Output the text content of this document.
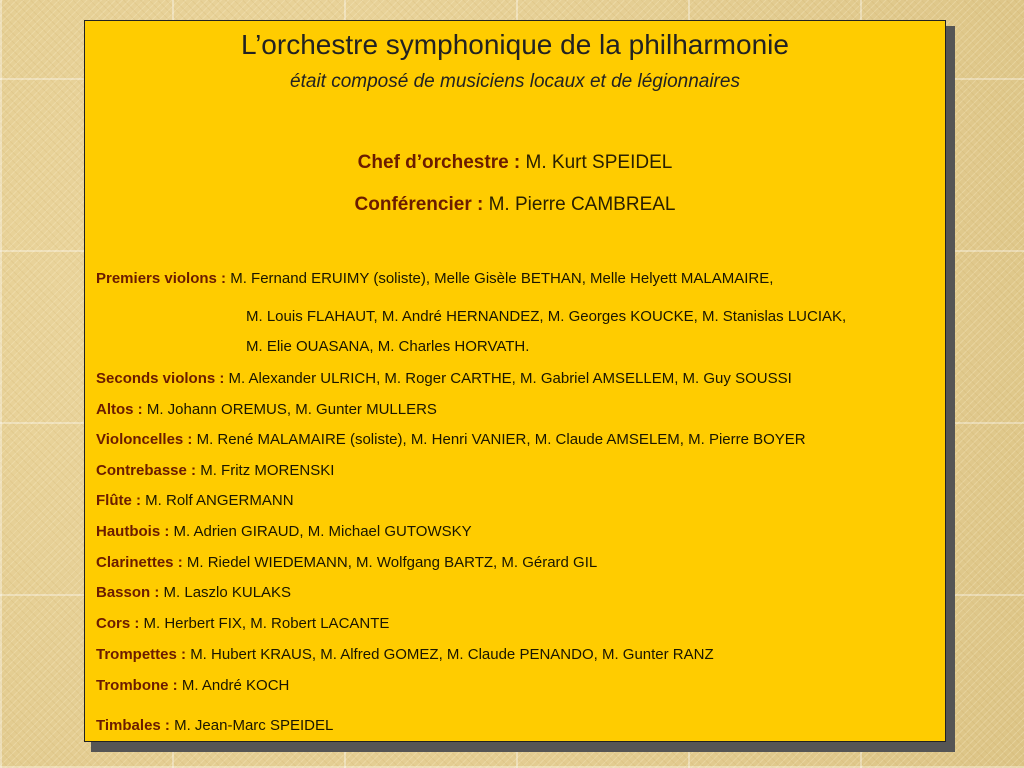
L’orchestre symphonique de la philharmonie
était composé de musiciens locaux et de légionnaires
Chef d’orchestre : M. Kurt SPEIDEL
Conférencier : M. Pierre CAMBREAL
Premiers violons : M. Fernand ERUIMY (soliste), Melle Gisèle BETHAN, Melle Helyett MALAMAIRE,
M. Louis FLAHAUT, M. André HERNANDEZ, M. Georges KOUCKE, M. Stanislas LUCIAK,
M. Elie OUASANA, M. Charles HORVATH.
Seconds violons : M. Alexander ULRICH, M. Roger CARTHE, M. Gabriel AMSELLEM, M. Guy SOUSSI
Altos : M. Johann OREMUS, M. Gunter MULLERS
Violoncelles : M. René MALAMAIRE (soliste), M. Henri VANIER, M. Claude AMSELEM, M. Pierre BOYER
Contrebasse : M. Fritz MORENSKI
Flûte : M. Rolf ANGERMANN
Hautbois : M. Adrien GIRAUD, M. Michael GUTOWSKY
Clarinettes : M. Riedel WIEDEMANN, M. Wolfgang BARTZ, M. Gérard GIL
Basson : M. Laszlo KULAKS
Cors : M. Herbert FIX, M. Robert LACANTE
Trompettes : M. Hubert KRAUS, M. Alfred GOMEZ, M. Claude PENANDO, M. Gunter RANZ
Trombone : M. André KOCH
Timbales : M. Jean-Marc SPEIDEL
